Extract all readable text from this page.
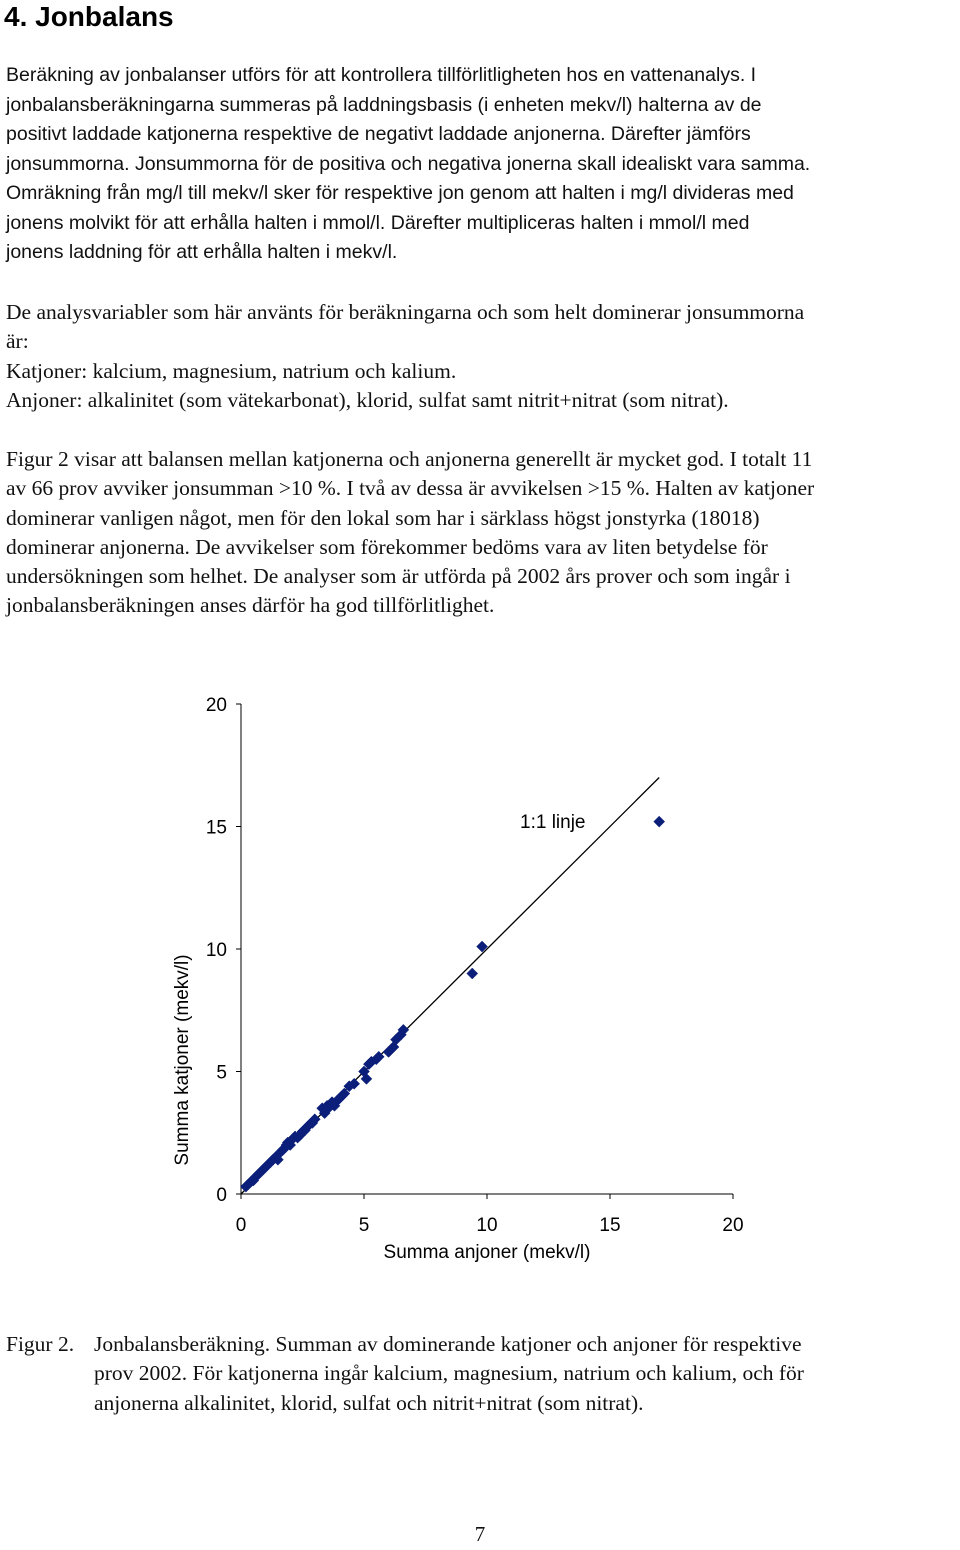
4. Jonbalans
Beräkning av jonbalanser utförs för att kontrollera tillförlitligheten hos en vattenanalys. I
jonbalansberäkningarna summeras på laddningsbasis (i enheten mekv/l) halterna av de
positivt laddade katjonerna respektive de negativt laddade anjonerna. Därefter jämförs
jonsummorna. Jonsummorna för de positiva och negativa jonerna skall idealiskt vara samma.
Omräkning från mg/l till mekv/l sker för respektive jon genom att halten i mg/l divideras med
jonens molvikt för att erhålla halten i mmol/l. Därefter multipliceras halten i mmol/l med
jonens laddning för att erhålla halten i mekv/l.
De analysvariabler som här använts för beräkningarna och som helt dominerar jonsummorna
är:
Katjoner: kalcium, magnesium, natrium och kalium.
Anjoner: alkalinitet (som vätekarbonat), klorid, sulfat samt nitrit+nitrat (som nitrat).
Figur 2 visar att balansen mellan katjonerna och anjonerna generellt är mycket god. I totalt 11
av 66 prov avviker jonsumman >10 %. I två av dessa är avvikelsen >15 %. Halten av katjoner
dominerar vanligen något, men för den lokal som har i särklass högst jonstyrka (18018)
dominerar anjonerna. De avvikelser som förekommer bedöms vara av liten betydelse för
undersökningen som helhet. De analyser som är utförda på 2002 års prover och som ingår i
jonbalansberäkningen anses därför ha god tillförlitlighet.
Summa katjoner (mekv/l)
Summa anjoner (mekv/l)
1:1 linje
0
5
10
15
20
0	5	10	15	20
Figur 2. Jonbalansberäkning. Summan av dominerande katjoner och anjoner för respektive
prov 2002. För katjonerna ingår kalcium, magnesium, natrium och kalium, och för
anjonerna alkalinitet, klorid, sulfat och nitrit+nitrat (som nitrat).
7
